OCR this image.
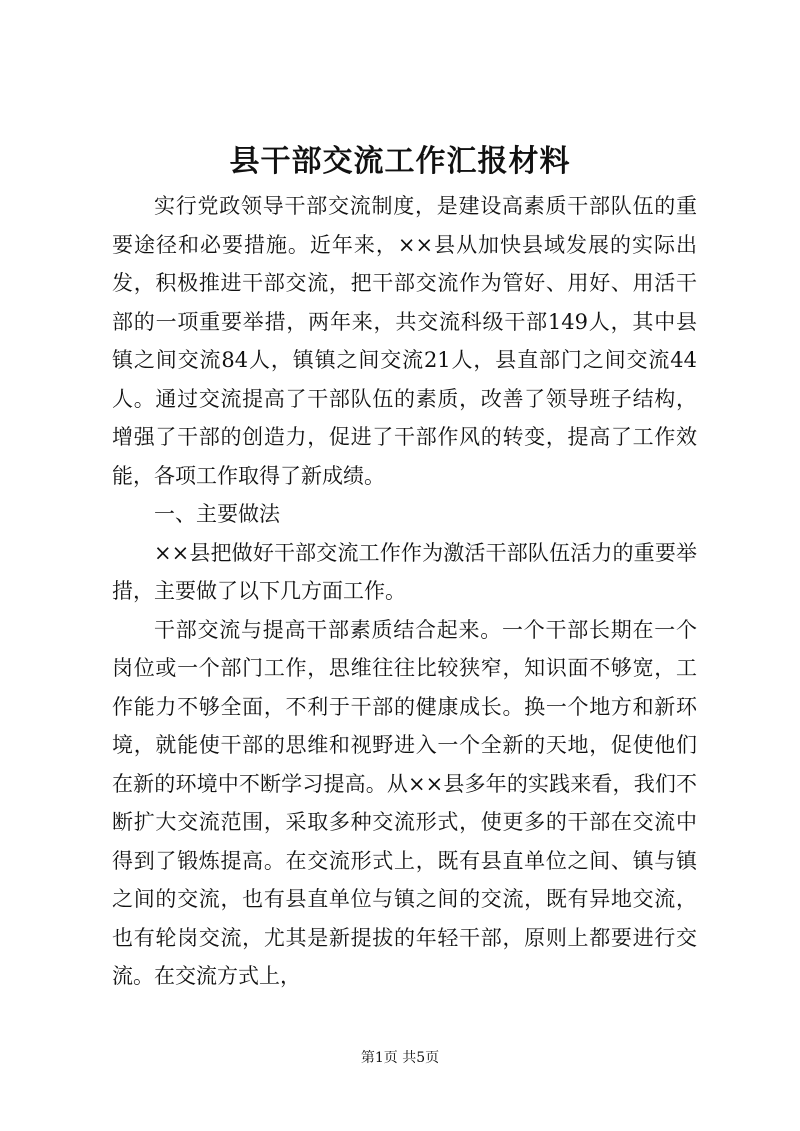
县干部交流工作汇报材料

实行党政领导干部交流制度，是建设高素质干部队伍的重要途径和必要措施。近年来，××县从加快县域发展的实际出发，积极推进干部交流，把干部交流作为管好、用好、用活干部的一项重要举措，两年来，共交流科级干部149人，其中县镇之间交流84人，镇镇之间交流21人，县直部门之间交流44人。通过交流提高了干部队伍的素质，改善了领导班子结构，增强了干部的创造力，促进了干部作风的转变，提高了工作效能，各项工作取得了新成绩。

一、主要做法

××县把做好干部交流工作作为激活干部队伍活力的重要举措，主要做了以下几方面工作。

干部交流与提高干部素质结合起来。一个干部长期在一个岗位或一个部门工作，思维往往比较狭窄，知识面不够宽，工作能力不够全面，不利于干部的健康成长。换一个地方和新环境，就能使干部的思维和视野进入一个全新的天地，促使他们在新的环境中不断学习提高。从××县多年的实践来看，我们不断扩大交流范围，采取多种交流形式，使更多的干部在交流中得到了锻炼提高。在交流形式上，既有县直单位之间、镇与镇之间的交流，也有县直单位与镇之间的交流，既有异地交流，也有轮岗交流，尤其是新提拔的年轻干部，原则上都要进行交流。在交流方式上，

第1页 共5页
